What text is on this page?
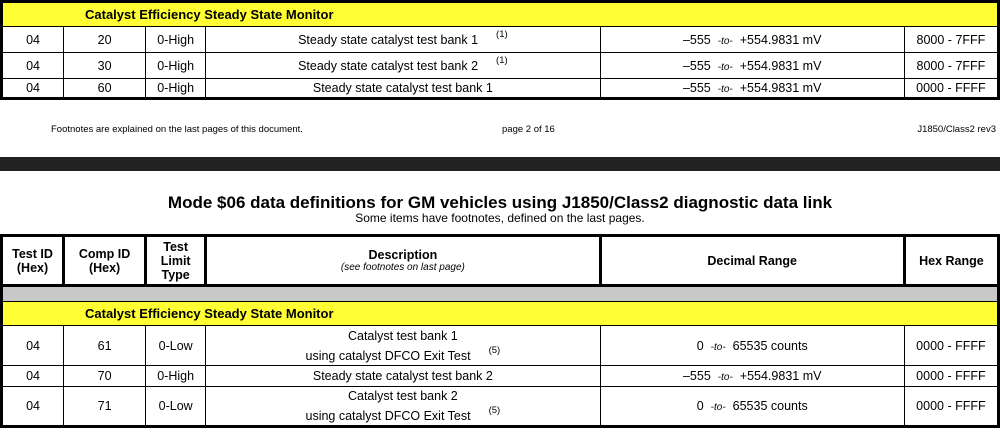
Catalyst Efficiency Steady State Monitor					
04	20	0-High	Steady state catalyst test bank 1 $^{(1)}$	–555 -to- +554.9831 mV	8000 - 7FFF
04	30	0-High	Steady state catalyst test bank 2 $^{(1)}$	–555 -to- +554.9831 mV	8000 - 7FFF
04	60	0-High	Steady state catalyst test bank 1	–555 -to- +554.9831 mV	0000 - FFFF
Footnotes are explained on the last pages of this document.	page 2 of 16	J1850/Class2 rev3
Mode $06 data definitions for GM vehicles using J1850/Class2 diagnostic data link
Some items have footnotes, defined on the last pages.
Test ID (Hex)	Comp ID (Hex)	Test Limit Type	Description
(see footnotes on last page)	Decimal Range	Hex Range

Catalyst Efficiency Steady State Monitor					
04	61	0-Low	Catalyst test bank 1
using catalyst DFCO Exit Test $^{(5)}$	0 -to- 65535 counts	0000 - FFFF
04	70	0-High	Steady state catalyst test bank 2	–555 -to- +554.9831 mV	0000 - FFFF
04	71	0-Low	Catalyst test bank 2
using catalyst DFCO Exit Test $^{(5)}$	0 -to- 65535 counts	0000 - FFFF
